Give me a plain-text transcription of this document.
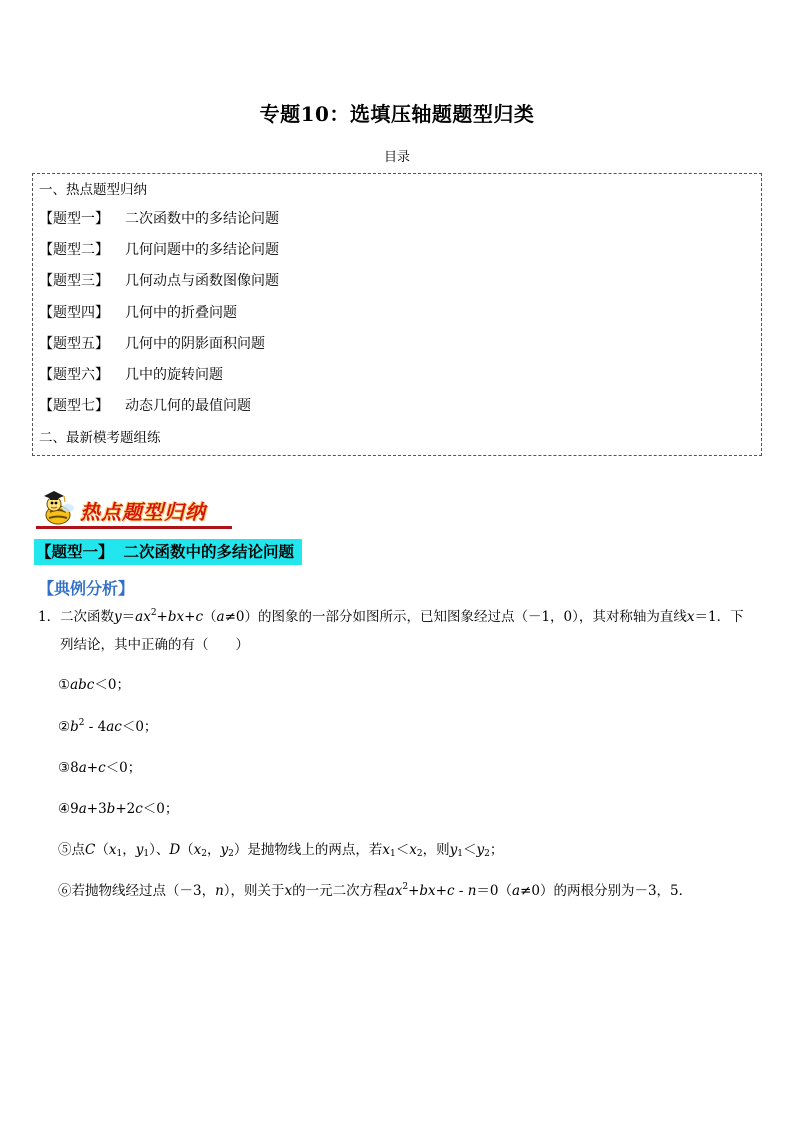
专题10：选填压轴题题型归类
目录
一、热点题型归纳
【题型一】 二次函数中的多结论问题
【题型二】 几何问题中的多结论问题
【题型三】 几何动点与函数图像问题
【题型四】 几何中的折叠问题
【题型五】 几何中的阴影面积问题
【题型六】 几中的旋转问题
【题型七】 动态几何的最值问题
二、最新模考题组练
热点题型归纳
【题型一】 二次函数中的多结论问题
【典例分析】
1． 二次函数$y=ax^2+bx+c(a\ne 0)$的图象的一部分如图所示，已知图象经过点（－1，0），其对称轴为直线x＝1．下
列结论，其中正确的有（　　）
①abc＜0；
$②b^2 - 4ac<0$；
③8a+c＜0；
④9a+3b+2c＜0；
⑤点$C(x_1$，$y_1$）、$D(x_2$，$y_2$）是抛物线上的两点，若$x_1<x_2$，则$y_1<y_2$；
⑥若抛物线经过点（－3，n），则关于x的一元二次方程$ax^2+bx+c - n=0(a\ne 0)$的两根分别为－3，5．
